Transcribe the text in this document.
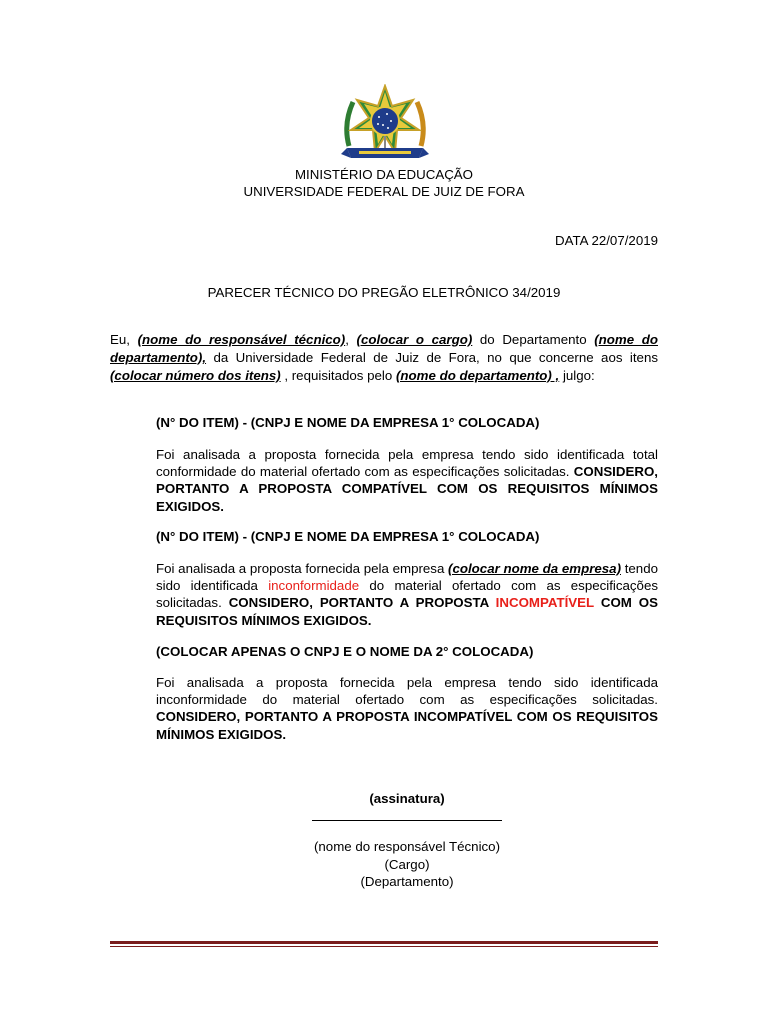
MINISTÉRIO DA EDUCAÇÃO
UNIVERSIDADE FEDERAL DE JUIZ DE FORA
DATA 22/07/2019
PARECER TÉCNICO DO PREGÃO ELETRÔNICO 34/2019
Eu, (nome do responsável técnico), (colocar o cargo) do Departamento (nome do departamento), da Universidade Federal de Juiz de Fora, no que concerne aos itens (colocar número dos itens) , requisitados pelo (nome do departamento) , julgo:
(N° DO ITEM) - (CNPJ E NOME DA EMPRESA 1° COLOCADA)
Foi analisada a proposta fornecida pela empresa tendo sido identificada total conformidade do material ofertado com as especificações solicitadas. CONSIDERO, PORTANTO A PROPOSTA COMPATÍVEL COM OS REQUISITOS MÍNIMOS EXIGIDOS.
(N° DO ITEM) - (CNPJ E NOME DA EMPRESA 1° COLOCADA)
Foi analisada a proposta fornecida pela empresa (colocar nome da empresa) tendo sido identificada inconformidade do material ofertado com as especificações solicitadas. CONSIDERO, PORTANTO A PROPOSTA INCOMPATÍVEL COM OS REQUISITOS MÍNIMOS EXIGIDOS.
(COLOCAR APENAS O CNPJ E O NOME DA 2° COLOCADA)
Foi analisada a proposta fornecida pela empresa tendo sido identificada inconformidade do material ofertado com as especificações solicitadas. CONSIDERO, PORTANTO A PROPOSTA INCOMPATÍVEL COM OS REQUISITOS MÍNIMOS EXIGIDOS.
(assinatura)
(nome do responsável Técnico)
(Cargo)
(Departamento)
